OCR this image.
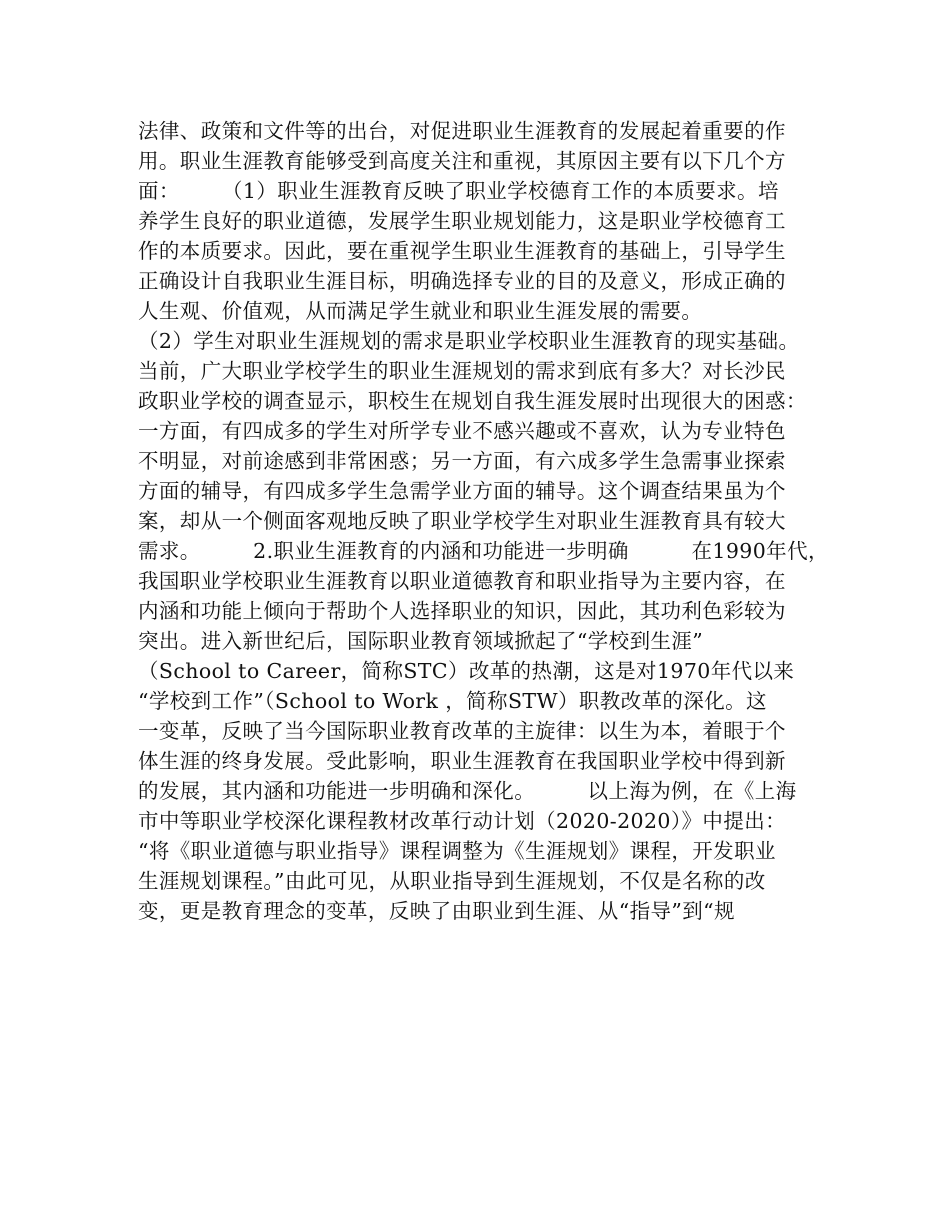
法律、政策和文件等的出台，对促进职业生涯教育的发展起着重要的作
用。职业生涯教育能够受到高度关注和重视，其原因主要有以下几个方
面：　　　（1）职业生涯教育反映了职业学校德育工作的本质要求。培
养学生良好的职业道德，发展学生职业规划能力，这是职业学校德育工
作的本质要求。因此，要在重视学生职业生涯教育的基础上，引导学生
正确设计自我职业生涯目标，明确选择专业的目的及意义，形成正确的
人生观、价值观，从而满足学生就业和职业生涯发展的需要。
（2）学生对职业生涯规划的需求是职业学校职业生涯教育的现实基础。
当前，广大职业学校学生的职业生涯规划的需求到底有多大？对长沙民
政职业学校的调查显示，职校生在规划自我生涯发展时出现很大的困惑：
一方面，有四成多的学生对所学专业不感兴趣或不喜欢，认为专业特色
不明显，对前途感到非常困惑；另一方面，有六成多学生急需事业探索
方面的辅导，有四成多学生急需学业方面的辅导。这个调查结果虽为个
案，却从一个侧面客观地反映了职业学校学生对职业生涯教育具有较大
需求。　　　2.职业生涯教育的内涵和功能进一步明确　　　在1990年代，
我国职业学校职业生涯教育以职业道德教育和职业指导为主要内容，在
内涵和功能上倾向于帮助个人选择职业的知识，因此，其功利色彩较为
突出。进入新世纪后，国际职业教育领域掀起了“学校到生涯”
（School to Career，简称STC）改革的热潮，这是对1970年代以来
“学校到工作”（School to Work ，简称STW）职教改革的深化。这
一变革，反映了当今国际职业教育改革的主旋律：以生为本，着眼于个
体生涯的终身发展。受此影响，职业生涯教育在我国职业学校中得到新
的发展，其内涵和功能进一步明确和深化。　　　以上海为例，在《上海
市中等职业学校深化课程教材改革行动计划（2020-2020）》中提出：
“将《职业道德与职业指导》课程调整为《生涯规划》课程，开发职业
生涯规划课程。”由此可见，从职业指导到生涯规划，不仅是名称的改
变，更是教育理念的变革，反映了由职业到生涯、从“指导”到“规
